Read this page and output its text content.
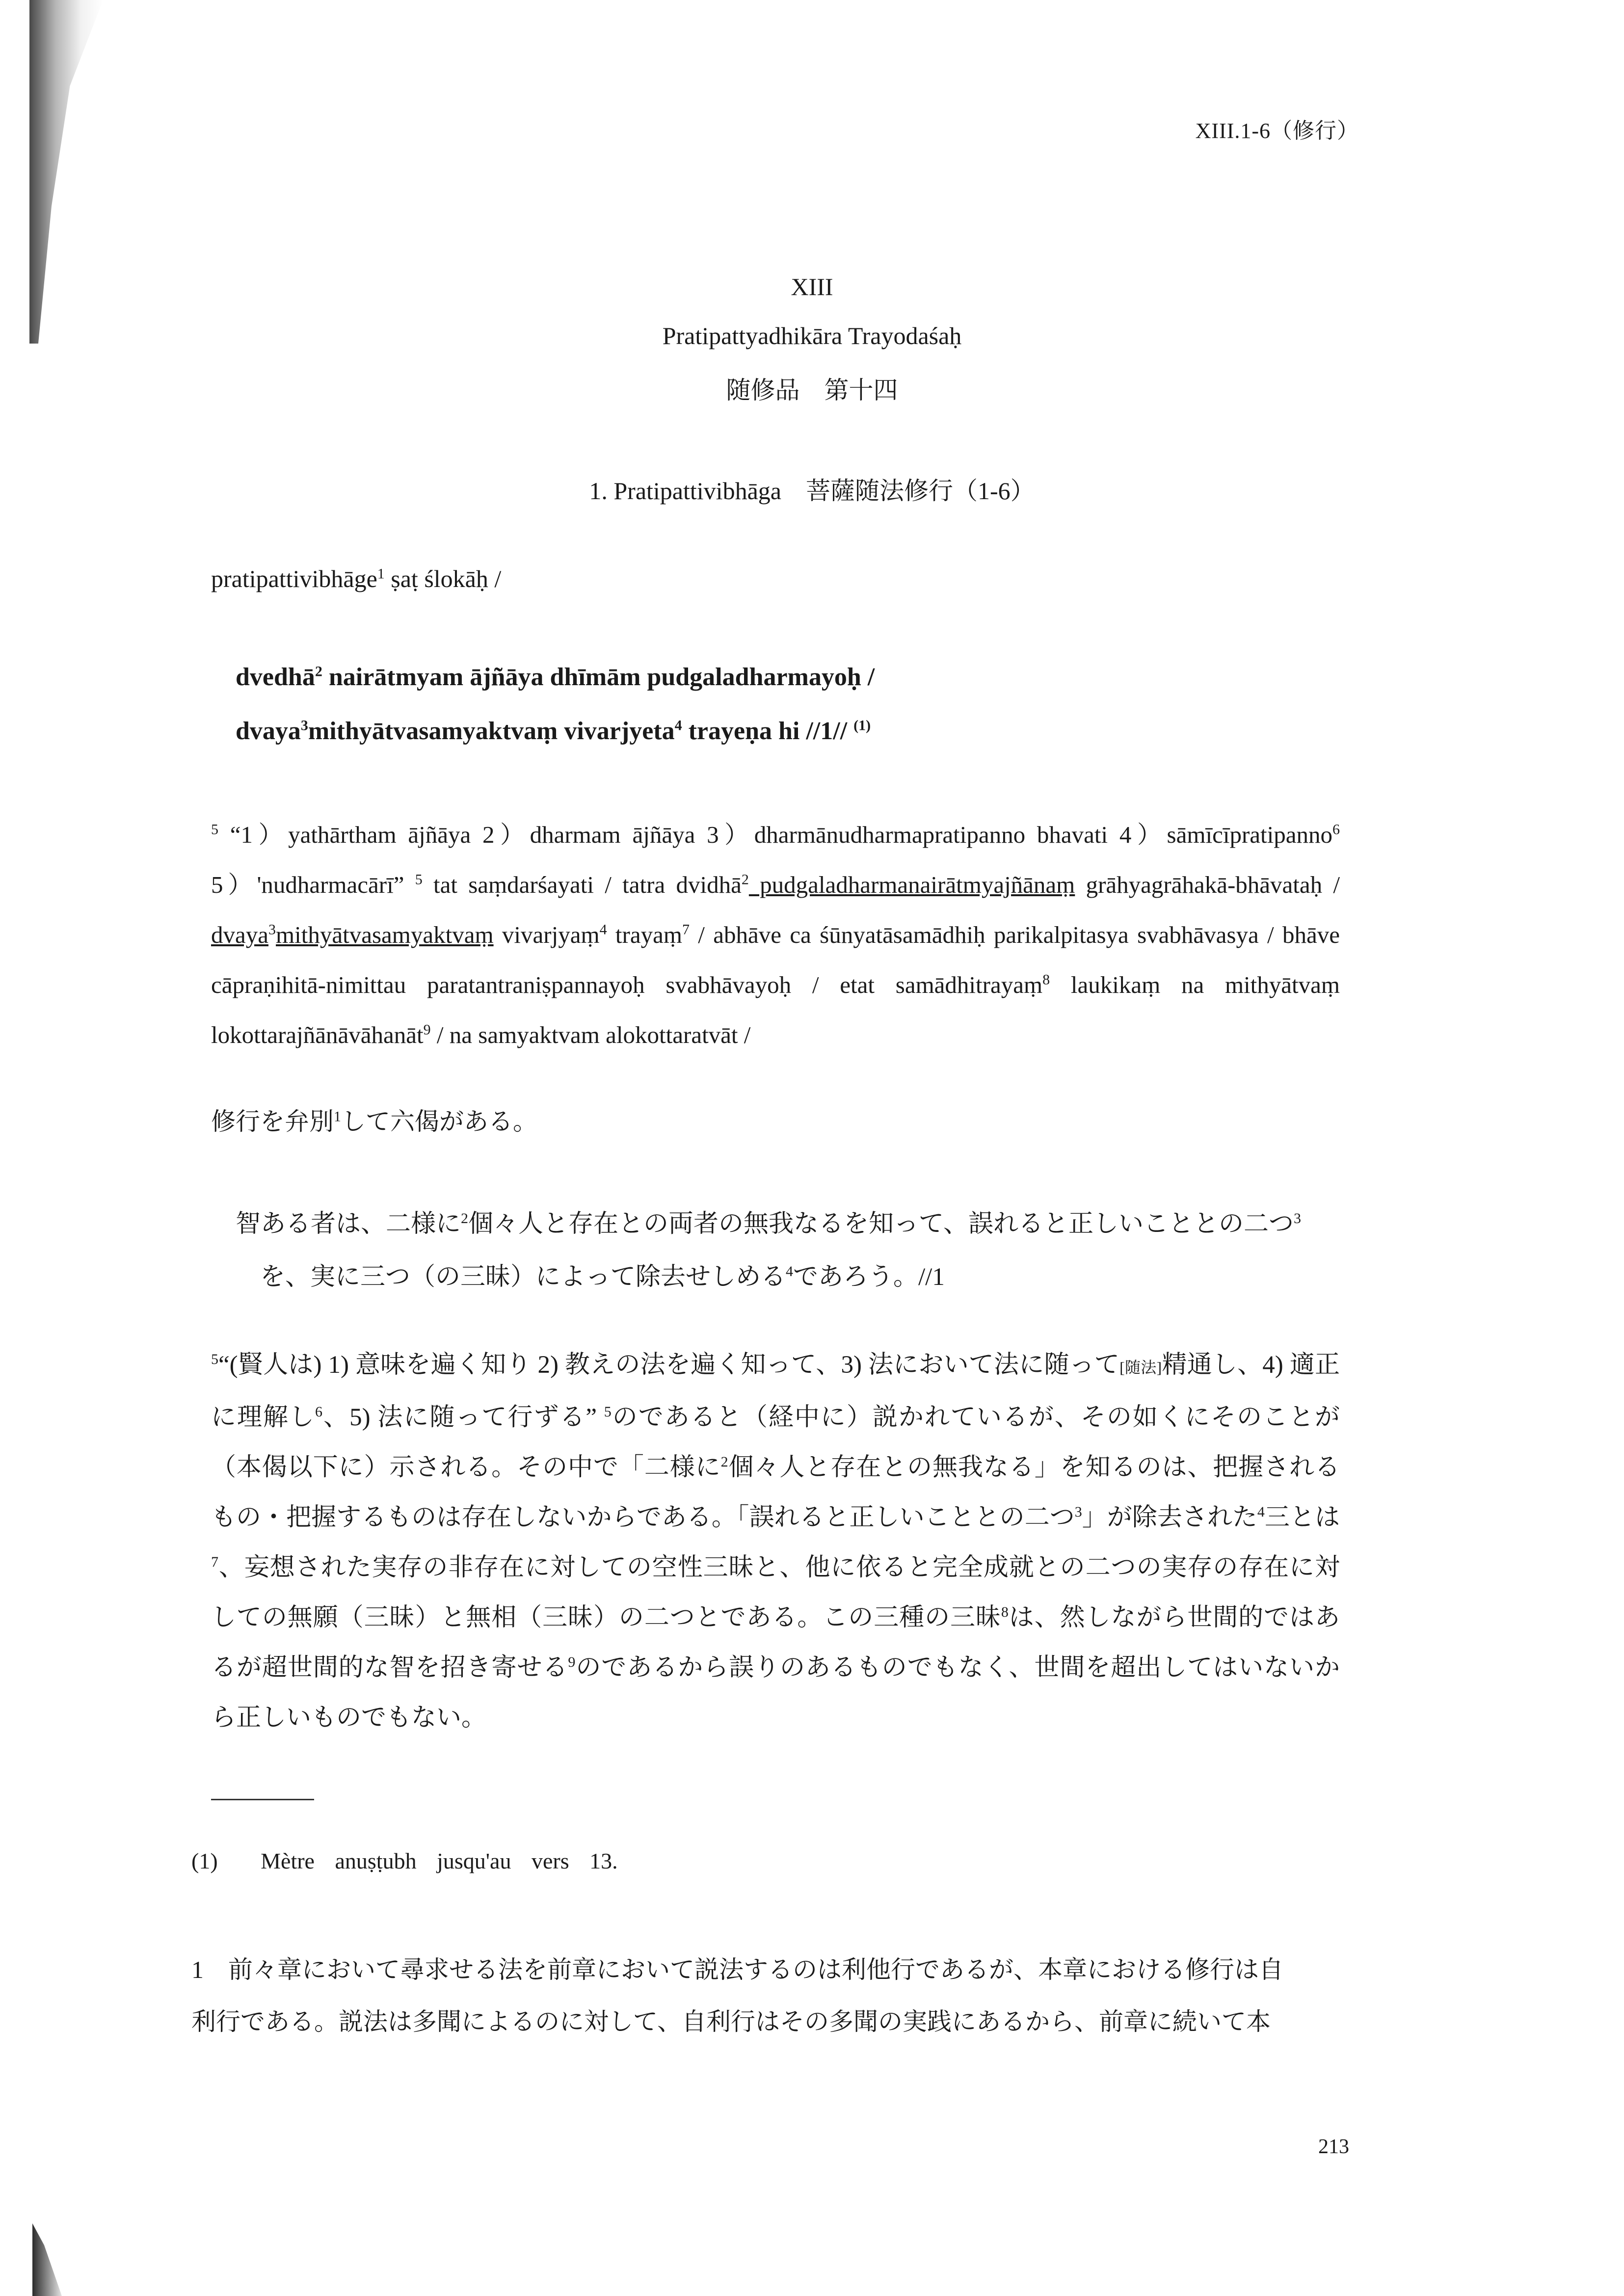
XIII.1-6（修行）
XIII
Pratipattyadhikāra Trayodaśaḥ
随修品　第十四
1. Pratipattivibhāga　菩薩随法修行（1-6）
pratipattivibhāge$^1$ ṣaṭ ślokāḥ /
dvedhā$^2$ nairātmyam ājñāya dhīmām pudgaladharmayoḥ /
dvaya$^3$mithyātvasamyaktvaṃ vivarjyeta$^4$ trayeṇa hi //1// $^{(1)}$

$^5$ “1）yathārtham ājñāya 2）dharmam ājñāya 3）dharmānudharmapratipanno bhavati 4）sāmīcīpratipanno$^6$ 5）'nudharmacārī” $^5$ tat saṃdarśayati / tatra dvidhā$^2$ pudgaladharmanairātmyajñānaṃ grāhyagrāhakā-bhāvataḥ / dvaya$^3$mithyātvasamyaktvaṃ vivarjyaṃ$^4$ trayaṃ$^7$ / abhāve ca śūnyatāsamādhiḥ parikalpitasya svabhāvasya / bhāve cāpraṇihitā-nimittau paratantraniṣpannayoḥ svabhāvayoḥ / etat samādhitrayaṃ$^8$ laukikaṃ na mithyātvaṃ lokottarajñānāvāhanāt$^9$ / na samyaktvam alokottaratvāt /

修行を弁別$^1$して六偈がある。

智ある者は、二様に$^2$個々人と存在との両者の無我なるを知って、誤れると正しいこととの二つ$^3$

を、実に三つ（の三昧）によって除去せしめる$^4$であろう。//1

$^5$“(賢人は) 1) 意味を遍く知り 2) 教えの法を遍く知って、3) 法において法に随って[随法]精通し、4) 適正に理解し$^6$、5) 法に随って行ずる” $^5$のであると（経中に）説かれているが、その如くにそのことが（本偈以下に）示される。その中で「二様に$^2$個々人と存在との無我なる」を知るのは、把握されるもの・把握するものは存在しないからである。「誤れると正しいこととの二つ$^3$」が除去された$^4$三とは$^7$、妄想された実存の非存在に対しての空性三昧と、他に依ると完全成就との二つの実存の存在に対しての無願（三昧）と無相（三昧）の二つとである。この三種の三昧$^8$は、然しながら世間的ではあるが超世間的な智を招き寄せる$^9$のであるから誤りのあるものでもなく、世間を超出してはいないから正しいものでもない。

(1)　 Mètre anuṣṭubh jusqu'au vers 13.

1　前々章において尋求せる法を前章において説法するのは利他行であるが、本章における修行は自

利行である。説法は多聞によるのに対して、自利行はその多聞の実践にあるから、前章に続いて本

213
